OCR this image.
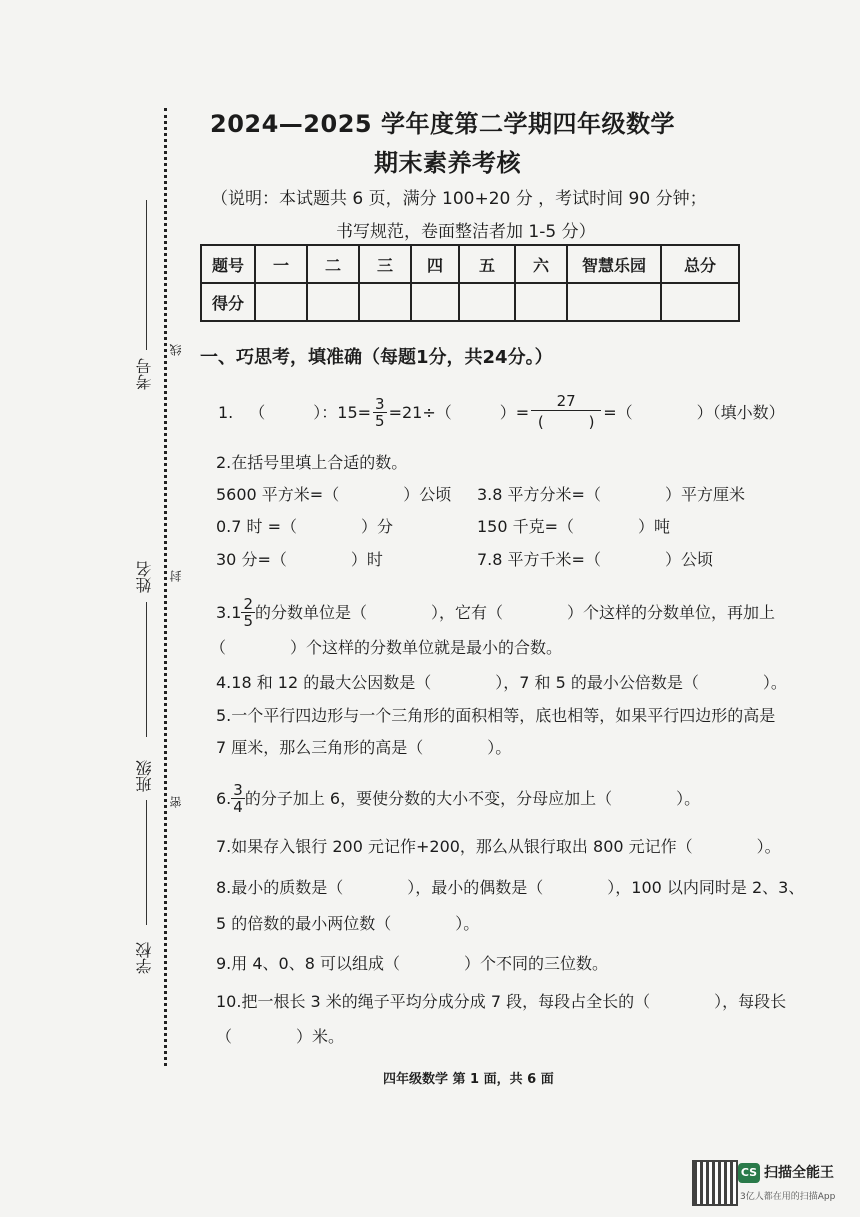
考号
线
姓名 封
班级
密
学校
2024—2025 学年度第二学期四年级数学
期末素养考核
（说明：本试题共 6 页，满分 100+20 分 ，考试时间 90 分钟；
书写规范，卷面整洁者加 1-5 分）
题号	一	二	三	四	五	六	智慧乐园	总分
得分								
一、巧思考，填准确（每题1分，共24分。）
1. （　　　）：$15= \frac{3}{5} =21\div$（　　　）= $\frac{27}{( )}$ =（　　　　）（填小数）
2.在括号里填上合适的数。
5600 平方米=（　　　　）公顷 3.8 平方分米=（　　　　）平方厘米
0.7 时 =（　　　　）分	150 千克=（　　　　）吨
30 分=（　　　　）时	7.8 平方千米=（　　　　）公顷
3. $1 \frac{2}{5}$ 的分数单位是（　　　　），它有（　　　　）个这样的分数单位，再加上
（　　　　）个这样的分数单位就是最小的合数。
4.18 和 12 的最大公因数是（　　　　），7 和 5 的最小公倍数是（　　　　）。
5.一个平行四边形与一个三角形的面积相等，底也相等，如果平行四边形的高是
7 厘米，那么三角形的高是（　　　　）。
6. $\frac{3}{4}$ 的分子加上 6，要使分数的大小不变，分母应加上（　　　　）。
7.如果存入银行 200 元记作+200，那么从银行取出 800 元记作（　　　　）。
8.最小的质数是（　　　　），最小的偶数是（　　　　），100 以内同时是 2、3、
5 的倍数的最小两位数（　　　　）。
9.用 4、0、8 可以组成（　　　　）个不同的三位数。
10.把一根长 3 米的绳子平均分成分成 7 段，每段占全长的（　　　　），每段长
（　　　　）米。
四年级数学 第 1 面，共 6 面
CS 扫描全能王
3亿人都在用的扫描App
